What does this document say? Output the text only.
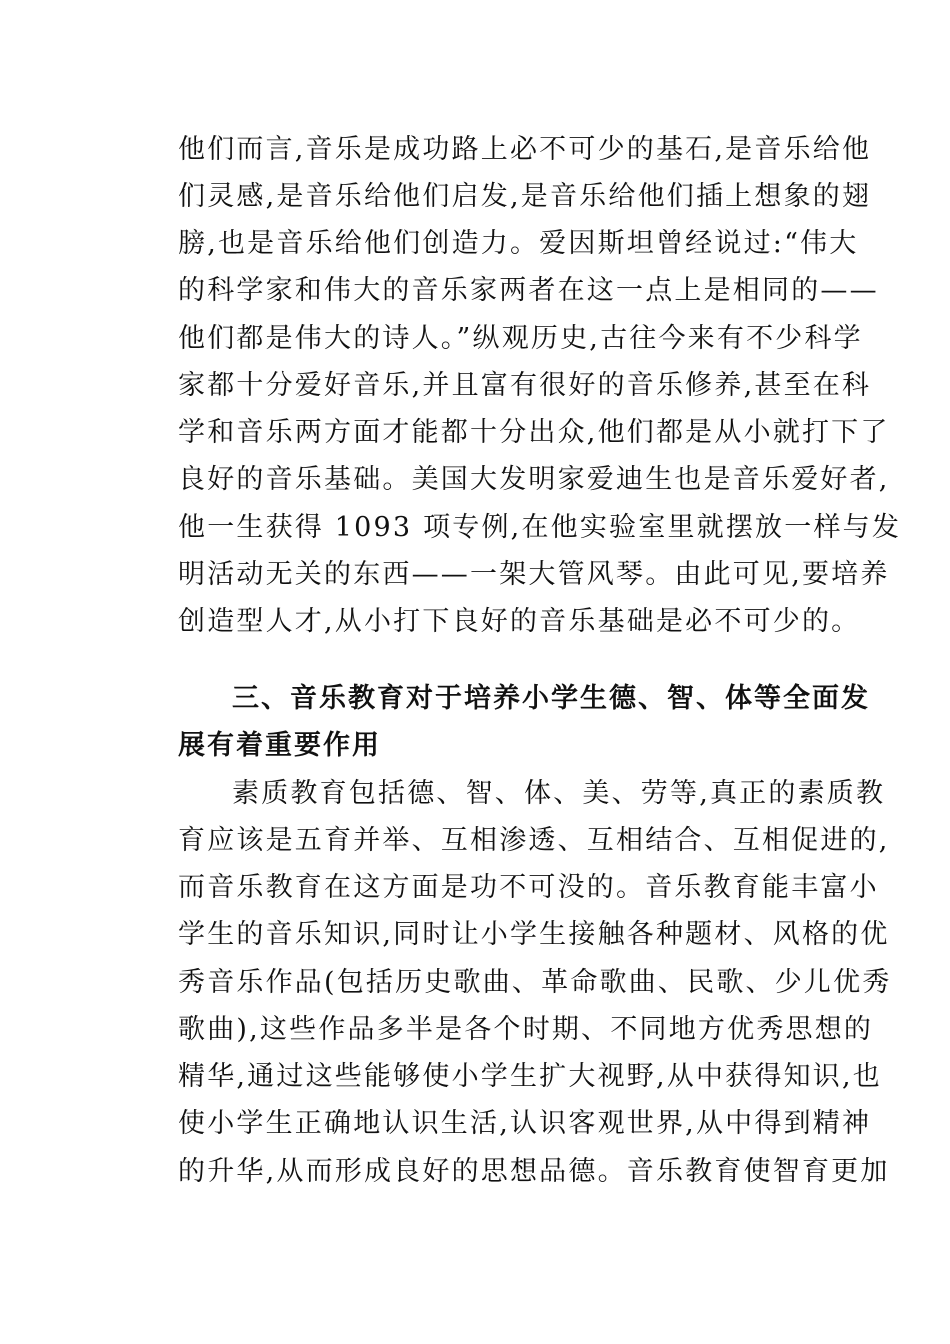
他们而言,音乐是成功路上必不可少的基石,是音乐给他
们灵感,是音乐给他们启发,是音乐给他们插上想象的翅
膀,也是音乐给他们创造力。爱因斯坦曾经说过:“伟大
的科学家和伟大的音乐家两者在这一点上是相同的——
他们都是伟大的诗人。”纵观历史,古往今来有不少科学
家都十分爱好音乐,并且富有很好的音乐修养,甚至在科
学和音乐两方面才能都十分出众,他们都是从小就打下了
良好的音乐基础。美国大发明家爱迪生也是音乐爱好者,
他一生获得 1093 项专例,在他实验室里就摆放一样与发
明活动无关的东西——一架大管风琴。由此可见,要培养
创造型人才,从小打下良好的音乐基础是必不可少的。
三、音乐教育对于培养小学生德、智、体等全面发
展有着重要作用
素质教育包括德、智、体、美、劳等,真正的素质教
育应该是五育并举、互相渗透、互相结合、互相促进的,
而音乐教育在这方面是功不可没的。音乐教育能丰富小
学生的音乐知识,同时让小学生接触各种题材、风格的优
秀音乐作品(包括历史歌曲、革命歌曲、民歌、少儿优秀
歌曲),这些作品多半是各个时期、不同地方优秀思想的
精华,通过这些能够使小学生扩大视野,从中获得知识,也
使小学生正确地认识生活,认识客观世界,从中得到精神
的升华,从而形成良好的思想品德。音乐教育使智育更加
